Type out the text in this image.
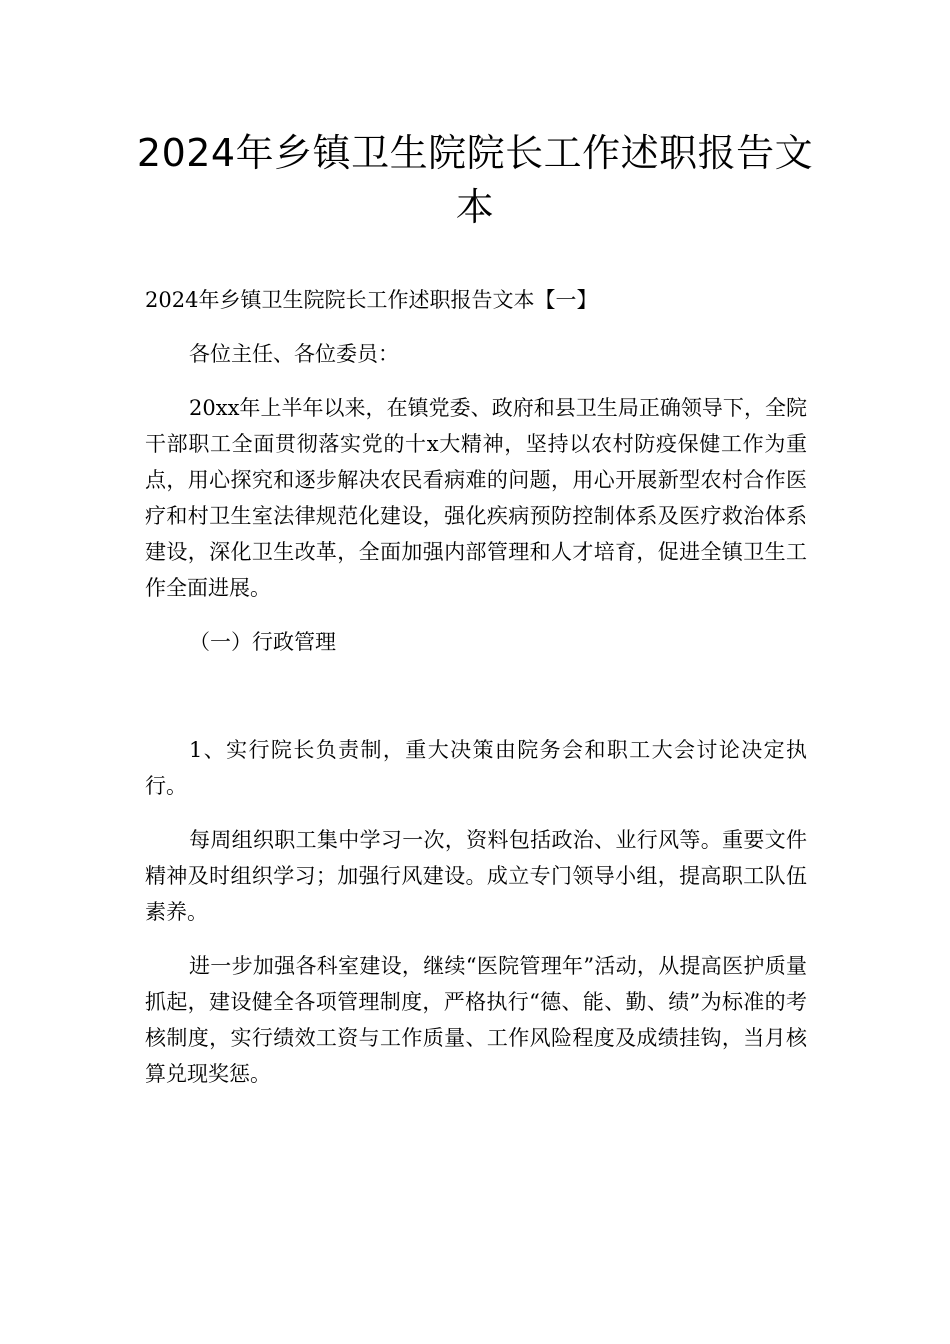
2024年乡镇卫生院院长工作述职报告文本

2024年乡镇卫生院院长工作述职报告文本【一】

各位主任、各位委员：

20xx年上半年以来，在镇党委、政府和县卫生局正确领导下，全院干部职工全面贯彻落实党的十x大精神，坚持以农村防疫保健工作为重点，用心探究和逐步解决农民看病难的问题，用心开展新型农村合作医疗和村卫生室法律规范化建设，强化疾病预防控制体系及医疗救治体系建设，深化卫生改革，全面加强内部管理和人才培育，促进全镇卫生工作全面进展。

（一）行政管理

1、实行院长负责制，重大决策由院务会和职工大会讨论决定执行。

每周组织职工集中学习一次，资料包括政治、业行风等。重要文件精神及时组织学习；加强行风建设。成立专门领导小组，提高职工队伍素养。

进一步加强各科室建设，继续“医院管理年”活动，从提高医护质量抓起，建设健全各项管理制度，严格执行“德、能、勤、绩”为标准的考核制度，实行绩效工资与工作质量、工作风险程度及成绩挂钩，当月核算兑现奖惩。
